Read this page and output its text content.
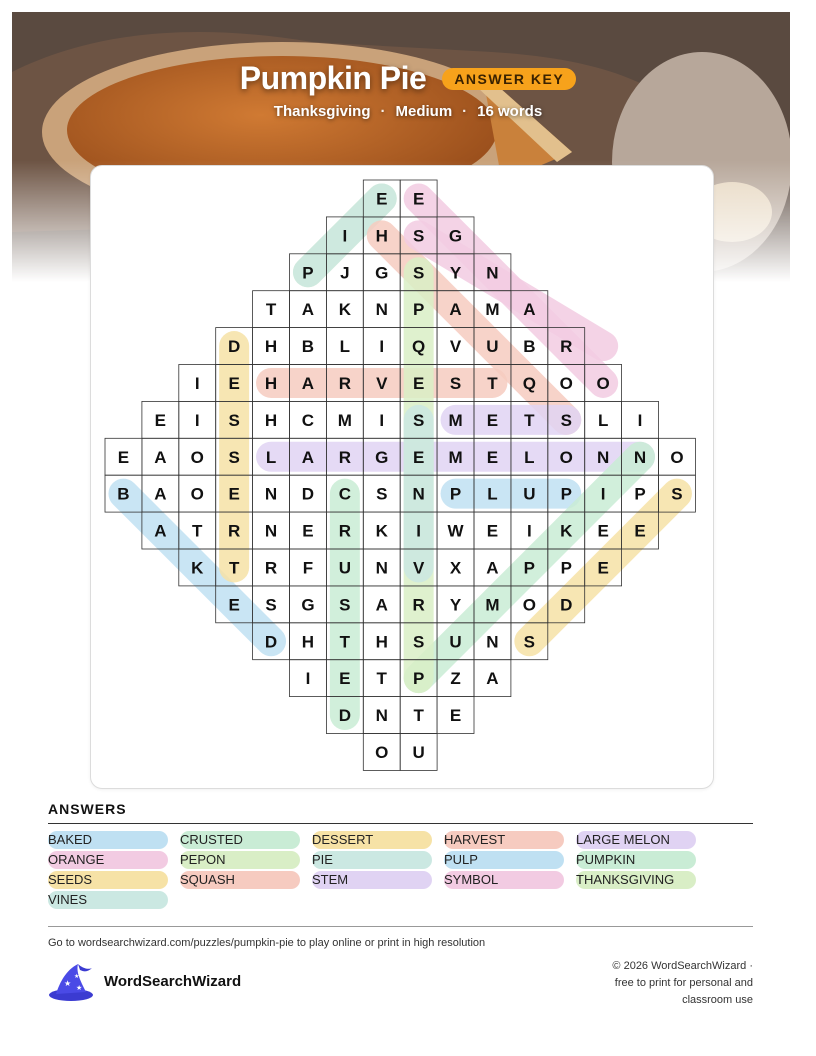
Pumpkin Pie	ANSWER KEY
Thanksgiving · Medium · 16 words
E E
I H S G
P J G S Y N
T A K N P A M A
D H B L I Q V U B R
I E H A R V E S T Q O O
E I S H C M I S M E T S L I
E A O S L A R G E M E L O N N O
B A O E N D C S N P L U P I P S
A T R N E R K I W E I K E E
K T R F U N V X A P P E
E S G S A R Y M O D
D H T H S U N S
I E T P Z A
D N T E
O U
ANSWERS
BAKED	CRUSTED	DESSERT	HARVEST	LARGE MELON
ORANGE	PEPON	PIE	PULP	PUMPKIN
SEEDS	SQUASH	STEM	SYMBOL	THANKSGIVING
VINES
Go to wordsearchwizard.com/puzzles/pumpkin-pie to play online or print in high resolution
★
★
★ WordSearchWizard
© 2026 WordSearchWizard ·
free to print for personal and
classroom use
